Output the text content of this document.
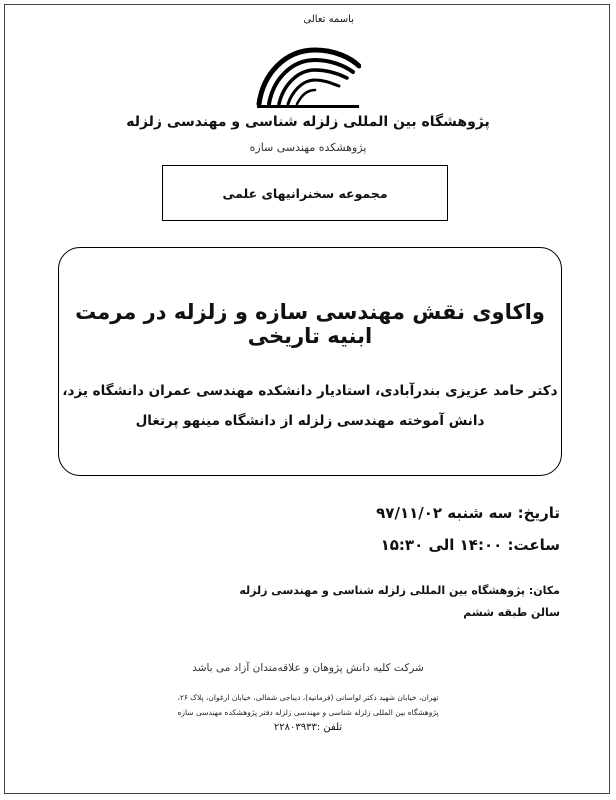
باسمه تعالی
پژوهشگاه بین المللی زلزله شناسی و مهندسی زلزله
پژوهشکده مهندسی سازه
مجموعه سخنرانیهای علمی
واکاوی نقش مهندسی سازه و زلزله در مرمت ابنیه تاریخی
دکتر حامد عزیزی بندرآبادی، استادیار دانشکده مهندسی عمران دانشگاه یزد،
دانش آموخته مهندسی زلزله از دانشگاه مینهو پرتغال
تاریخ: سه شنبه ۹۷/۱۱/۰۲
ساعت: ۱۴:۰۰ الی ۱۵:۳۰
مکان: پژوهشگاه بین المللی زلزله شناسی و مهندسی زلزله
سالن طبقه ششم
شرکت کلیه دانش پژوهان و علاقه‌مندان آزاد می باشد
تهران، خیابان شهید دکتر لواسانی (فرمانیه)، دیباجی شمالی، خیابان ارغوان، پلاک ۲۶،
پژوهشگاه بین المللی زلزله شناسی و مهندسی زلزله دفتر پژوهشکده مهندسی سازه
تلفن :۲۲۸۰۳۹۳۳
